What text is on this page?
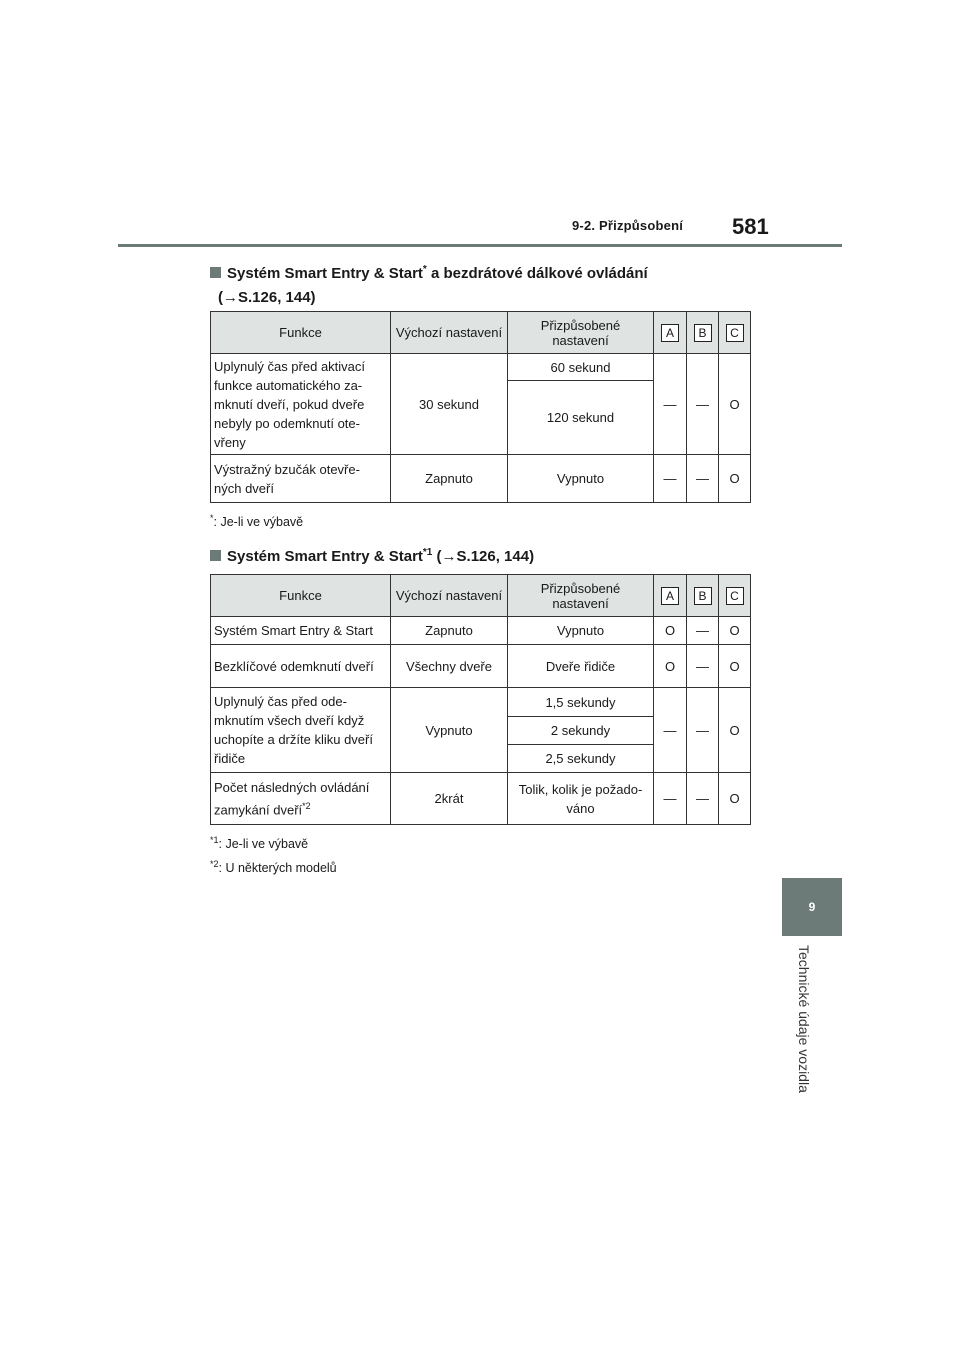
9-2. Přizpůsobení 581
9
Technické údaje vozidla
Systém Smart Entry & Start* a bezdrátové dálkové ovládání
(→S.126, 144)
Funkce	Výchozí nastavení	Přizpůsobené nastavení	A	B	C
Uplynulý čas před aktivací funkce automatického za-mknutí dveří, pokud dveře nebyly po odemknutí ote-vřeny	30 sekund	60 sekund	—	—	O
		120 sekund			
Výstražný bzučák otevře-ných dveří	Zapnuto	Vypnuto	—	—	O
*: Je-li ve výbavě
Systém Smart Entry & Start$^{*1}$ (→S.126, 144)
Funkce	Výchozí nastavení	Přizpůsobené nastavení	A	B	C
Systém Smart Entry & Start	Zapnuto	Vypnuto	O	—	O
Bezklíčové odemknutí dveří	Všechny dveře	Dveře řidiče	O	—	O
Uplynulý čas před ode-mknutím všech dveří když uchopíte a držíte kliku dveří řidiče	Vypnuto	1,5 sekundy	—	—	O
		2 sekundy			
		2,5 sekundy			
Počet následných ovládání zamykání dveří$^{*2}$	2krát	Tolik, kolik je požado-váno	—	—	O
$^{*1}$: Je-li ve výbavě
$^{*2}$: U některých modelů
